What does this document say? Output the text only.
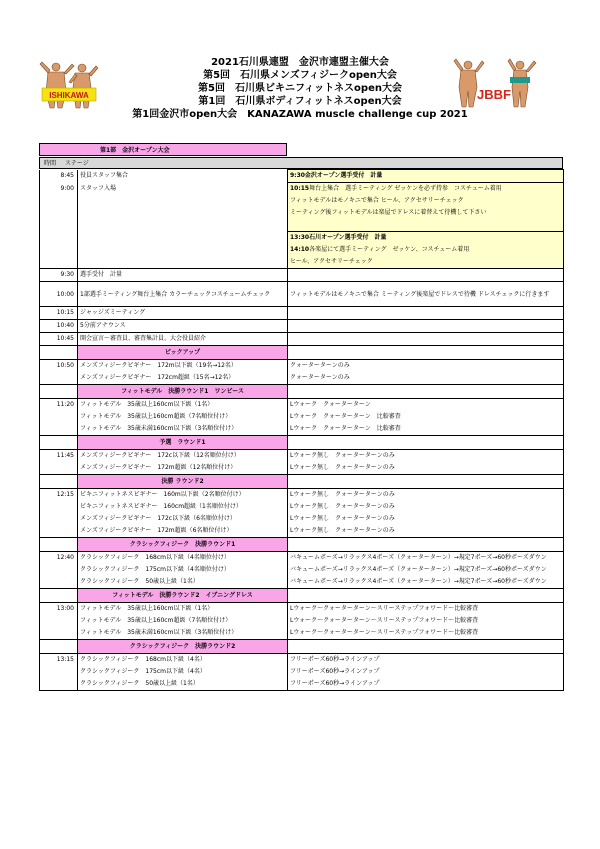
ISHIKAWA	JBBF
2021石川県連盟　金沢市連盟主催大会
第5回　石川県メンズフィジークopen大会
第5回　石川県ビキニフィットネスopen大会
第1回　石川県ボディフィットネスopen大会
第1回金沢市open大会　KANAZAWA muscle challenge cup 2021
第1部　金沢オープン大会
時間 ステージ
8:45	役員スタッフ集合	9:30金沢オープン選手受付　計量
9:00	スタッフ入場	10:15舞台上集合　選手ミーティング ゼッケンを必ず持参　コスチューム着用
		フィットモデルはモノキニで集合 ヒール、アクセサリーチェック
		ミーティング後フィットモデルは楽屋でドレスに着替えて待機して下さい

		13:30石川オープン選手受付　計量
		14:10各楽屋にて選手ミーティング　ゼッケン、コスチューム着用
		ヒール、アクセサリーチェック
9:30	選手受付　計量	
10:00	1部選手ミーティング舞台上集合 カラーチェックコスチュームチェック	フィットモデルはモノキニで集合 ミーティング後楽屋でドレスで待機 ドレスチェックに行きます
10:15	ジャッジズミーティング	
10:40	5分前アナウンス	
10:45	開会宣言～審査員、審査集計員、大会役員紹介	
	ピックアップ	
10:50	メンズフィジークビギナー　172m以下級（19名→12名）	クォーターターンのみ
	メンズフィジークビギナー　172cm超級（15名→12名）	クォーターターンのみ
	フィットモデル　決勝ラウンド1　ワンピース	
11:20	フィットモデル　35歳以上160cm以下級（1名）	Lウォーク　クォーターターン
	フィットモデル　35歳以上160cm超級（7名順位付け）	Lウォーク　クォーターターン　比較審査
	フィットモデル　35歳未満160cm以下級（3名順位付け）	Lウォーク　クォーターターン　比較審査
	予選　ラウンド1	
11:45	メンズフィジークビギナー　172c以下級（12名順位付け）	Lウォーク無し　クォーターターンのみ
	メンズフィジークビギナー　172m超級（12名順位付け）	Lウォーク無し　クォーターターンのみ
	決勝 ラウンド2	
12:15	ビキニフィットネスビギナー　160m以下級（2名順位付け）	Lウォーク無し　クォーターターンのみ
	ビキニフィットネスビギナー　160cm超級（1名順位付け）	Lウォーク無し　クォーターターンのみ
	メンズフィジークビギナー　172c以下級（6名順位付け）	Lウォーク無し　クォーターターンのみ
	メンズフィジークビギナー　172m超級（6名順位付け）	Lウォーク無し　クォーターターンのみ
	クラシックフィジーク　決勝ラウンド1	
12:40	クラシックフィジーク　168cm以下級（4名順位付け）	バキュームポーズ→リラックス4ポーズ（クォーターターン）→規定7ポーズ→60秒ポーズダウン
	クラシックフィジーク　175cm以下級（4名順位付け）	バキュームポーズ→リラックス4ポーズ（クォーターターン）→規定7ポーズ→60秒ポーズダウン
	クラシックフィジーク　50歳以上級（1名）	バキュームポーズ→リラックス4ポーズ（クォーターターン）→規定7ポーズ→60秒ポーズダウン
	フィットモデル　決勝ラウンド2　イブニングドレス	
13:00	フィットモデル　35歳以上160cm以下級（1名）	Lウォーク～クォーターターン～スリーステップフォワード～比較審査
	フィットモデル　35歳以上160cm超級（7名順位付け）	Lウォーク～クォーターターン～スリーステップフォワード～比較審査
	フィットモデル　35歳未満160cm以下級（3名順位付け）	Lウォーク～クォーターターン～スリーステップフォワード～比較審査
	クラシックフィジーク　決勝ラウンド2	
13:15	クラシックフィジーク　168cm以下級（4名）	フリーポーズ60秒→ラインアップ
	クラシックフィジーク　175cm以下級（4名）	フリーポーズ60秒→ラインアップ
	クラシックフィジーク　50歳以上級（1名）	フリーポーズ60秒→ラインアップ
